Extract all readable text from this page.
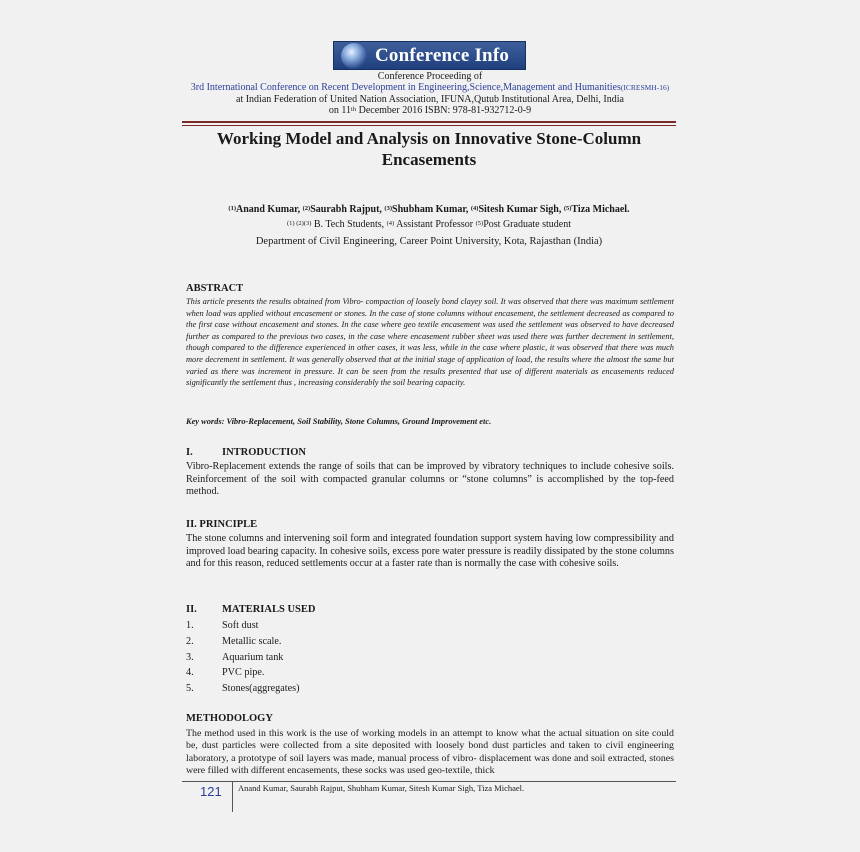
Conference Info
Conference Proceeding of
3rd International Conference on Recent Development in Engineering,Science,Management and Humanities(ICRESMH-16)
at Indian Federation of United Nation Association, IFUNA,Qutub Institutional Area, Delhi, India
on 11th December 2016 ISBN: 978-81-932712-0-9
Working Model and Analysis on Innovative Stone-Column
Encasements
$^{(1)}$Anand Kumar, $^{(2)}$Saurabh Rajput, $^{(3)}$Shubham Kumar, $^{(4)}$Sitesh Kumar Sigh, $^{(5)}$Tiza Michael.
$^{(1) (2)(3)}$ B. Tech Students, $^{(4)}$ Assistant Professor $^{(5)}$Post Graduate student
Department of Civil Engineering, Career Point University, Kota, Rajasthan (India)
ABSTRACT
This article presents the results obtained from Vibro- compaction of loosely bond clayey soil. It was observed that there was maximum settlement when load was applied without encasement or stones. In the case of stone columns without encasement, the settlement decreased as compared to the first case without encasement and stones. In the case where geo textile encasement was used the settlement was observed to have decreased further as compared to the previous two cases, in the case where encasement rubber sheet was used there was further decrement in settlement, though compared to the difference experienced in other cases, it was less, while in the case where plastic, it was observed that there was much more decrement in settlement. It was generally observed that at the initial stage of application of load, the results where the almost the same but varied as there was increment in pressure. It can be seen from the results presented that use of different materials as encasements reduced significantly the settlement thus , increasing considerably the soil bearing capacity.
Key words: Vibro-Replacement, Soil Stability, Stone Columns, Ground Improvement etc.
I.	INTRODUCTION
Vibro-Replacement extends the range of soils that can be improved by vibratory techniques to include cohesive soils. Reinforcement of the soil with compacted granular columns or “stone columns” is accomplished by the top-feed method.
II. PRINCIPLE
The stone columns and intervening soil form and integrated foundation support system having low compressibility and improved load bearing capacity. In cohesive soils, excess pore water pressure is readily dissipated by the stone columns and for this reason, reduced settlements occur at a faster rate than is normally the case with cohesive soils.
II. MATERIALS USED
1.	Soft dust
2.	Metallic scale.
3.	Aquarium tank
4.	PVC pipe.
5.	Stones(aggregates)
METHODOLOGY
The method used in this work is the use of working models in an attempt to know what the actual situation on site could be, dust particles were collected from a site deposited with loosely bond dust particles and taken to civil engineering laboratory, a prototype of soil layers was made, manual process of vibro- displacement was done and soil extracted, stones were filled with different encasements, these socks was used geo-textile, thick
121	Anand Kumar, Saurabh Rajput, Shubham Kumar, Sitesh Kumar Sigh, Tiza Michael.
